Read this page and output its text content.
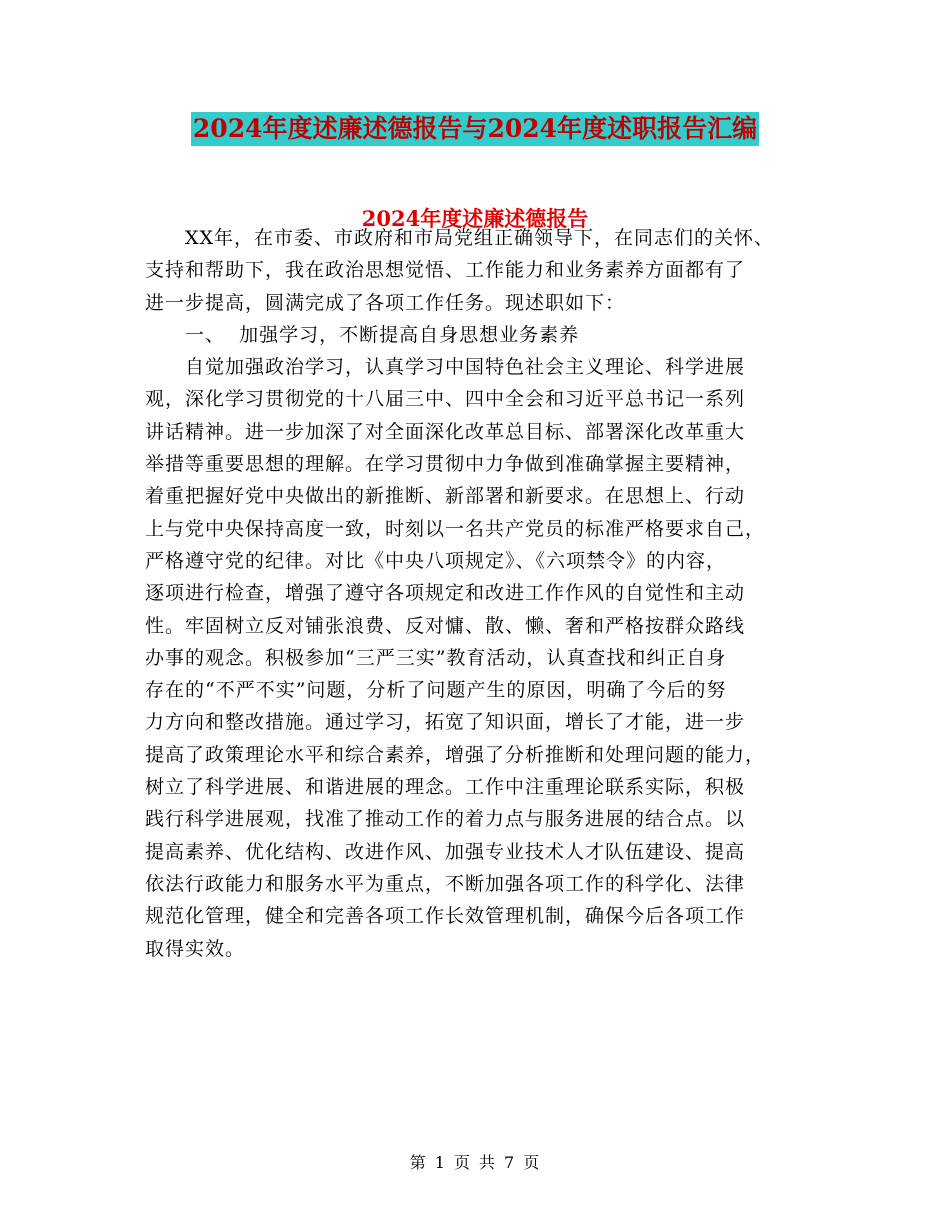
2024年度述廉述德报告与2024年度述职报告汇编
2024年度述廉述德报告
XX年，在市委、市政府和市局党组正确领导下，在同志们的关怀、
支持和帮助下，我在政治思想觉悟、工作能力和业务素养方面都有了
进一步提高，圆满完成了各项工作任务。现述职如下：
一、  加强学习，不断提高自身思想业务素养
自觉加强政治学习，认真学习中国特色社会主义理论、科学进展
观，深化学习贯彻党的十八届三中、四中全会和习近平总书记一系列
讲话精神。进一步加深了对全面深化改革总目标、部署深化改革重大
举措等重要思想的理解。在学习贯彻中力争做到准确掌握主要精神，
着重把握好党中央做出的新推断、新部署和新要求。在思想上、行动
上与党中央保持高度一致，时刻以一名共产党员的标准严格要求自己，
严格遵守党的纪律。对比《中央八项规定》、《六项禁令》的内容，
逐项进行检查，增强了遵守各项规定和改进工作作风的自觉性和主动
性。牢固树立反对铺张浪费、反对慵、散、懒、奢和严格按群众路线
办事的观念。积极参加“三严三实”教育活动，认真查找和纠正自身
存在的“不严不实”问题，分析了问题产生的原因，明确了今后的努
力方向和整改措施。通过学习，拓宽了知识面，增长了才能，进一步
提高了政策理论水平和综合素养，增强了分析推断和处理问题的能力，
树立了科学进展、和谐进展的理念。工作中注重理论联系实际，积极
践行科学进展观，找准了推动工作的着力点与服务进展的结合点。以
提高素养、优化结构、改进作风、加强专业技术人才队伍建设、提高
依法行政能力和服务水平为重点，不断加强各项工作的科学化、法律
规范化管理，健全和完善各项工作长效管理机制，确保今后各项工作
取得实效。
第 1 页 共 7 页
